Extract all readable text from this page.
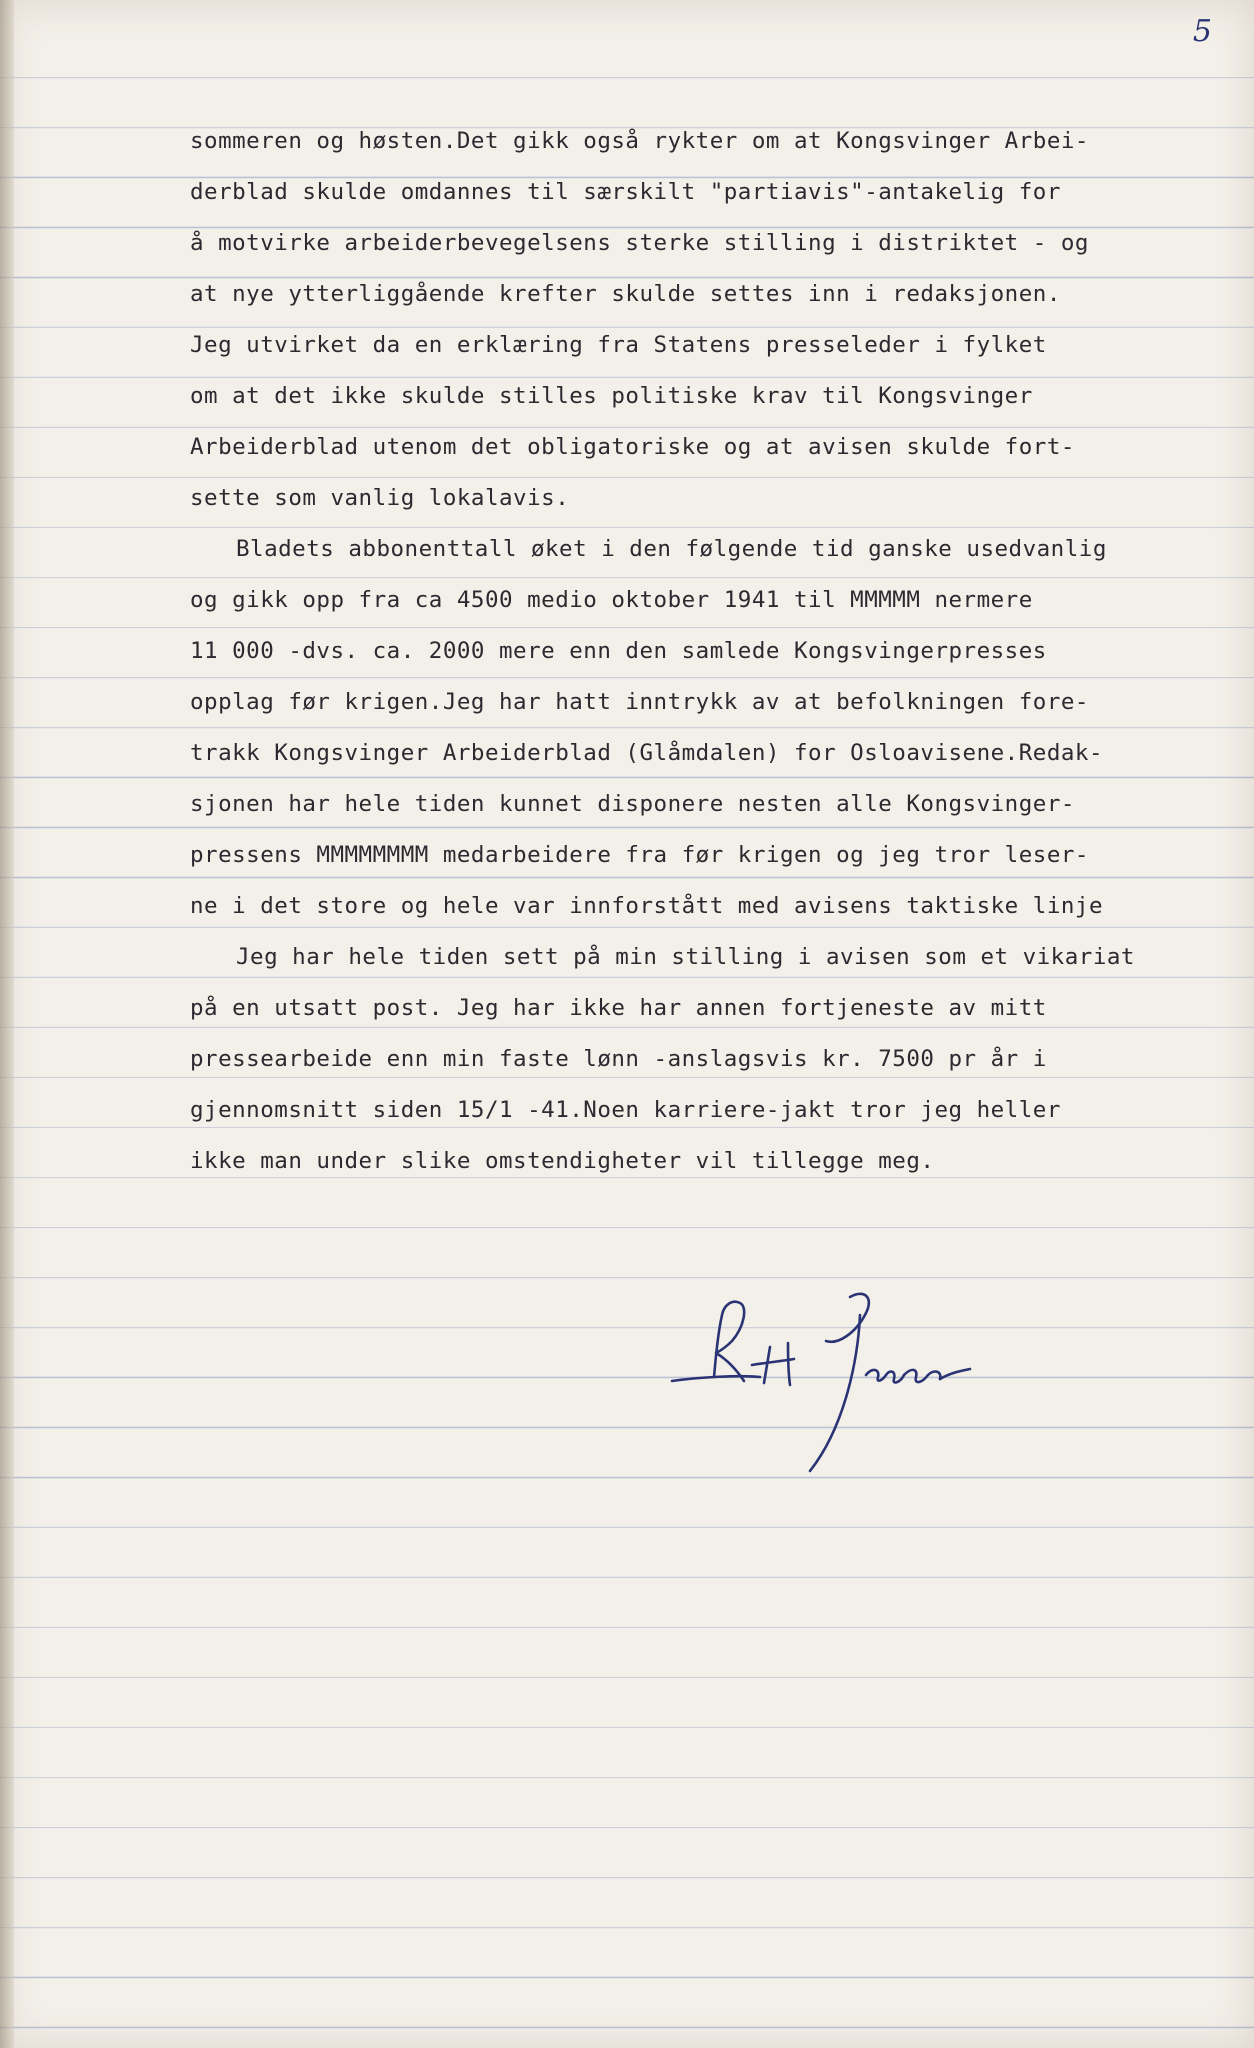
5
sommeren og høsten.Det gikk også rykter om at Kongsvinger Arbei-
derblad skulde omdannes til særskilt "partiavis"-antakelig for
å motvirke arbeiderbevegelsens sterke stilling i distriktet - og
at nye ytterliggående krefter skulde settes inn i redaksjonen.
Jeg utvirket da en erklæring fra Statens presseleder i fylket
om at det ikke skulde stilles politiske krav til Kongsvinger
Arbeiderblad utenom det obligatoriske og at avisen skulde fort-
sette som vanlig lokalavis.
Bladets abbonenttall øket i den følgende tid ganske usedvanlig
og gikk opp fra ca 4500 medio oktober 1941 til MMMMM nermere
11 000 -dvs. ca. 2000 mere enn den samlede Kongsvingerpresses
opplag før krigen.Jeg har hatt inntrykk av at befolkningen fore-
trakk Kongsvinger Arbeiderblad (Glåmdalen) for Osloavisene.Redak-
sjonen har hele tiden kunnet disponere nesten alle Kongsvinger-
pressens MMMMMMMM medarbeidere fra før krigen og jeg tror leser-
ne i det store og hele var innforstått med avisens taktiske linje
Jeg har hele tiden sett på min stilling i avisen som et vikariat
på en utsatt post. Jeg har ikke har annen fortjeneste av mitt
pressearbeide enn min faste lønn -anslagsvis kr. 7500 pr år i
gjennomsnitt siden 15/1 -41.Noen karriere-jakt tror jeg heller
ikke man under slike omstendigheter vil tillegge meg.
